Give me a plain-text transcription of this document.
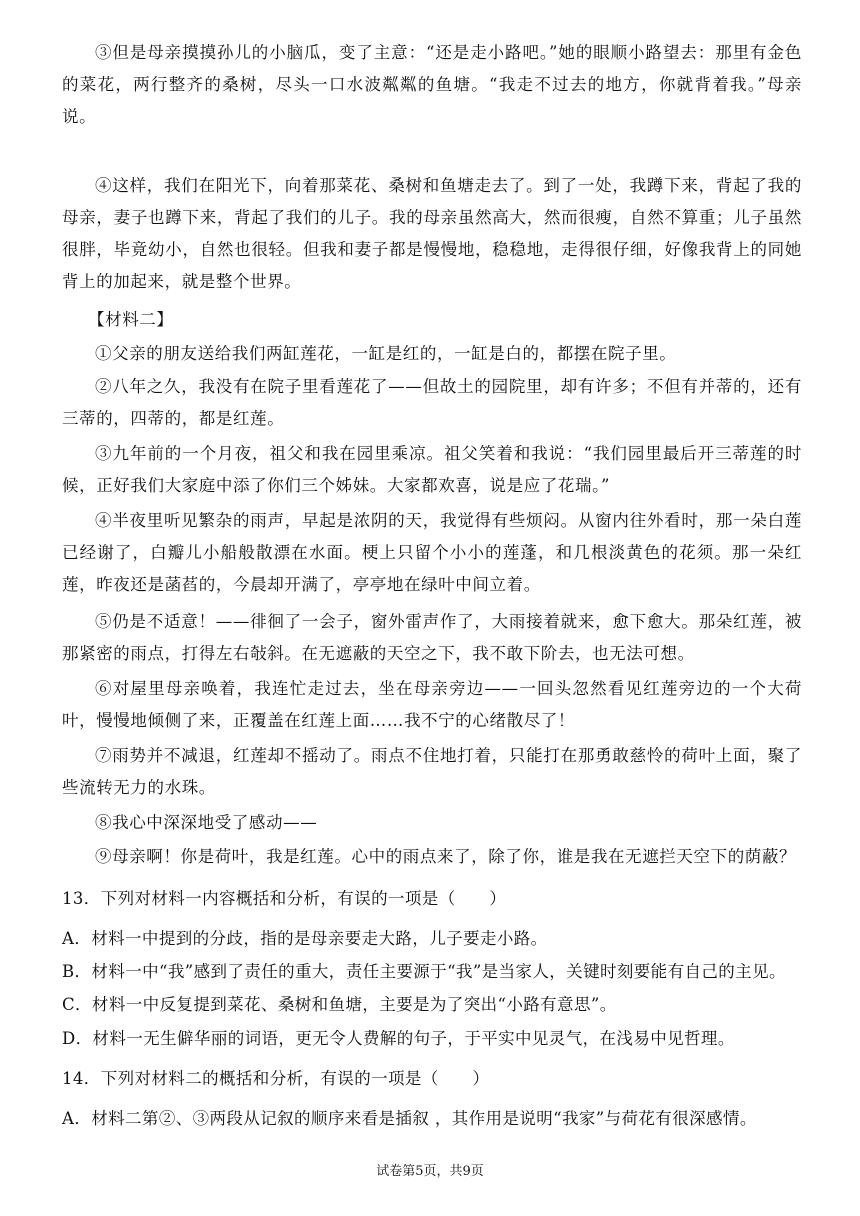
③但是母亲摸摸孙儿的小脑瓜，变了主意：“还是走小路吧。”她的眼顺小路望去：那里有金色的菜花，两行整齐的桑树，尽头一口水波粼粼的鱼塘。“我走不过去的地方，你就背着我。”母亲说。

④这样，我们在阳光下，向着那菜花、桑树和鱼塘走去了。到了一处，我蹲下来，背起了我的母亲，妻子也蹲下来，背起了我们的儿子。我的母亲虽然高大，然而很瘦，自然不算重；儿子虽然很胖，毕竟幼小，自然也很轻。但我和妻子都是慢慢地，稳稳地，走得很仔细，好像我背上的同她背上的加起来，就是整个世界。

【材料二】

①父亲的朋友送给我们两缸莲花，一缸是红的，一缸是白的，都摆在院子里。

②八年之久，我没有在院子里看莲花了——但故土的园院里，却有许多；不但有并蒂的，还有三蒂的，四蒂的，都是红莲。

③九年前的一个月夜，祖父和我在园里乘凉。祖父笑着和我说：“我们园里最后开三蒂莲的时候，正好我们大家庭中添了你们三个姊妹。大家都欢喜，说是应了花瑞。”

④半夜里听见繁杂的雨声，早起是浓阴的天，我觉得有些烦闷。从窗内往外看时，那一朵白莲已经谢了，白瓣儿小船般散漂在水面。梗上只留个小小的莲蓬，和几根淡黄色的花须。那一朵红莲，昨夜还是菡萏的，今晨却开满了，亭亭地在绿叶中间立着。

⑤仍是不适意！——徘徊了一会子，窗外雷声作了，大雨接着就来，愈下愈大。那朵红莲，被那紧密的雨点，打得左右敧斜。在无遮蔽的天空之下，我不敢下阶去，也无法可想。

⑥对屋里母亲唤着，我连忙走过去，坐在母亲旁边——一回头忽然看见红莲旁边的一个大荷叶，慢慢地倾侧了来，正覆盖在红莲上面……我不宁的心绪散尽了！

⑦雨势并不减退，红莲却不摇动了。雨点不住地打着，只能打在那勇敢慈怜的荷叶上面，聚了些流转无力的水珠。

⑧我心中深深地受了感动——

⑨母亲啊！你是荷叶，我是红莲。心中的雨点来了，除了你，谁是我在无遮拦天空下的荫蔽？

13．下列对材料一内容概括和分析，有误的一项是（　　）

A．材料一中提到的分歧，指的是母亲要走大路，儿子要走小路。

B．材料一中“我”感到了责任的重大，责任主要源于“我”是当家人，关键时刻要能有自己的主见。

C．材料一中反复提到菜花、桑树和鱼塘，主要是为了突出“小路有意思”。

D．材料一无生僻华丽的词语，更无令人费解的句子，于平实中见灵气，在浅易中见哲理。

14．下列对材料二的概括和分析，有误的一项是（　　）

A．材料二第②、③两段从记叙的顺序来看是插叙 ，其作用是说明“我家”与荷花有很深感情。

试卷第5页，共9页
